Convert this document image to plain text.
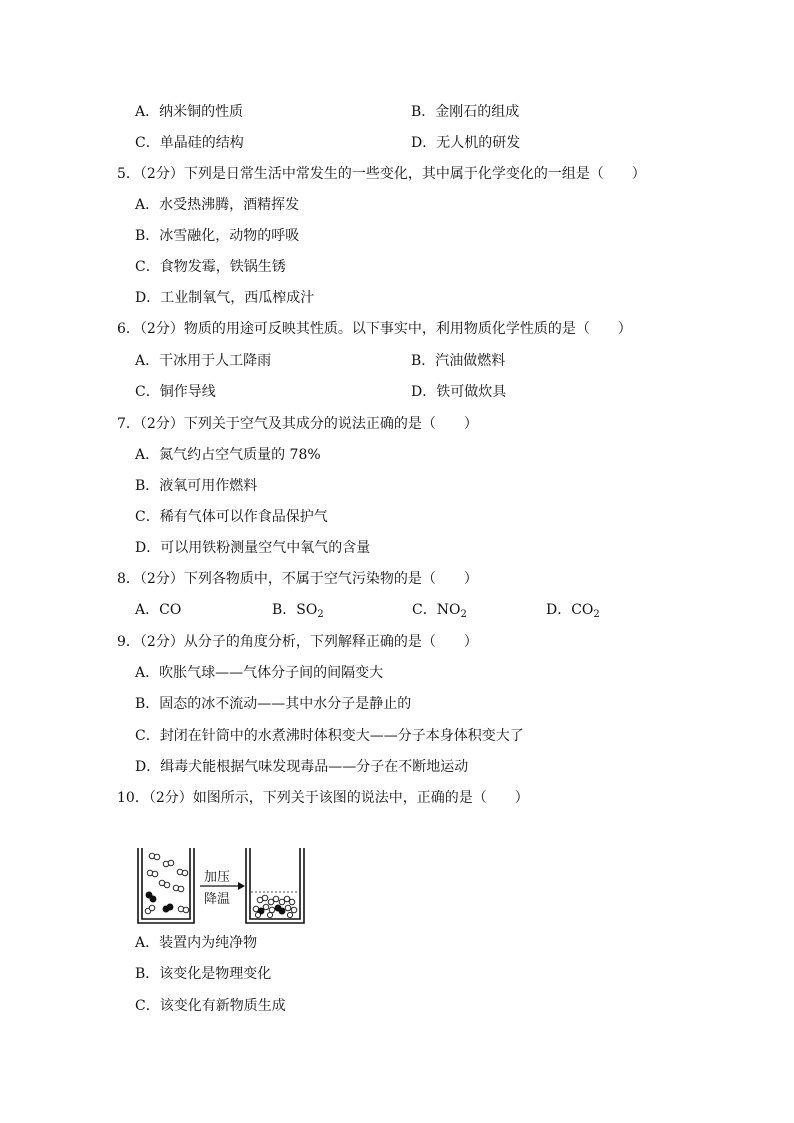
A．纳米铜的性质	B．金刚石的组成
C．单晶硅的结构	D．无人机的研发
5．（2分）下列是日常生活中常发生的一些变化，其中属于化学变化的一组是（　　）
A．水受热沸腾，酒精挥发
B．冰雪融化，动物的呼吸
C．食物发霉，铁锅生锈
D．工业制氧气，西瓜榨成汁
6．（2分）物质的用途可反映其性质。以下事实中，利用物质化学性质的是（　　）
A．干冰用于人工降雨	B．汽油做燃料
C．铜作导线	D．铁可做炊具
7．（2分）下列关于空气及其成分的说法正确的是（　　）
A．氮气约占空气质量的 78%
B．液氧可用作燃料
C．稀有气体可以作食品保护气
D．可以用铁粉测量空气中氧气的含量
8．（2分）下列各物质中，不属于空气污染物的是（　　）
A．CO	B．$SO_2$	C．$NO_2$	D．$CO_2$
9．（2分）从分子的角度分析，下列解释正确的是（　　）
B．固态的冰不流动——其中水分子是静止的
A．吹胀气球——气体分子间的间隔变大
C．封闭在针筒中的水煮沸时体积变大——分子本身体积变大了
D．缉毒犬能根据气味发现毒品——分子在不断地运动
10．（2分）如图所示，下列关于该图的说法中，正确的是（　　）
加压
降温
A．装置内为纯净物
B．该变化是物理变化
C．该变化有新物质生成
